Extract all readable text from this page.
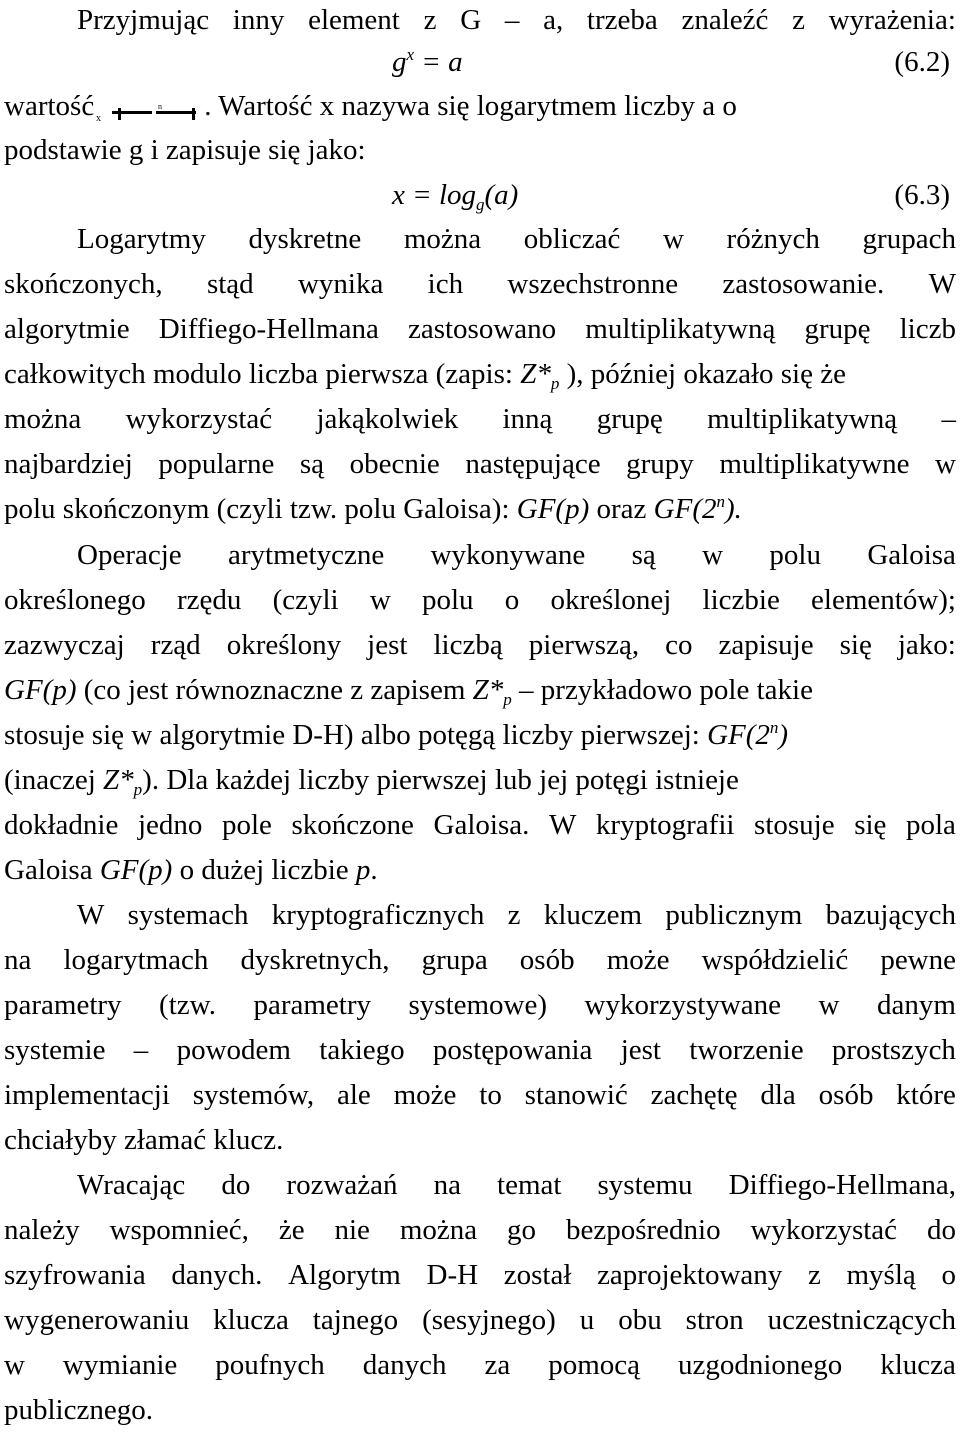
Przyjmując inny element z G – a, trzeba znaleźć z wyrażenia:
$g^x = a$	(6.2)
wartość x
n . Wartość x nazywa się logarytmem liczby a o
podstawie g i zapisuje się jako:
$x = \log_g(a)$	(6.3)
Logarytmy dyskretne można obliczać w różnych grupach
skończonych, stąd wynika ich wszechstronne zastosowanie. W
algorytmie Diffiego-Hellmana zastosowano multiplikatywną grupę liczb
całkowitych modulo liczba pierwsza (zapis: $Z*_p$ ), później okazało się że
można wykorzystać jakąkolwiek inną grupę multiplikatywną –
najbardziej popularne są obecnie następujące grupy multiplikatywne w
polu skończonym (czyli tzw. polu Galoisa): GF(p) oraz GF(2$^n$).
Operacje arytmetyczne wykonywane są w polu Galoisa
określonego rzędu (czyli w polu o określonej liczbie elementów);
zazwyczaj rząd określony jest liczbą pierwszą, co zapisuje się jako:
GF(p) (co jest równoznaczne z zapisem $Z*_p$ – przykładowo pole takie
stosuje się w algorytmie D-H) albo potęgą liczby pierwszej: GF(2$^n$)
(inaczej $Z*_p$). Dla każdej liczby pierwszej lub jej potęgi istnieje
dokładnie jedno pole skończone Galoisa. W kryptografii stosuje się pola
Galoisa GF(p) o dużej liczbie p.
W systemach kryptograficznych z kluczem publicznym bazujących
na logarytmach dyskretnych, grupa osób może współdzielić pewne
parametry (tzw. parametry systemowe) wykorzystywane w danym
systemie – powodem takiego postępowania jest tworzenie prostszych
implementacji systemów, ale może to stanowić zachętę dla osób które
chciałyby złamać klucz.
Wracając do rozważań na temat systemu Diffiego-Hellmana,
należy wspomnieć, że nie można go bezpośrednio wykorzystać do
szyfrowania danych. Algorytm D-H został zaprojektowany z myślą o
wygenerowaniu klucza tajnego (sesyjnego) u obu stron uczestniczących
w wymianie poufnych danych za pomocą uzgodnionego klucza
publicznego.
